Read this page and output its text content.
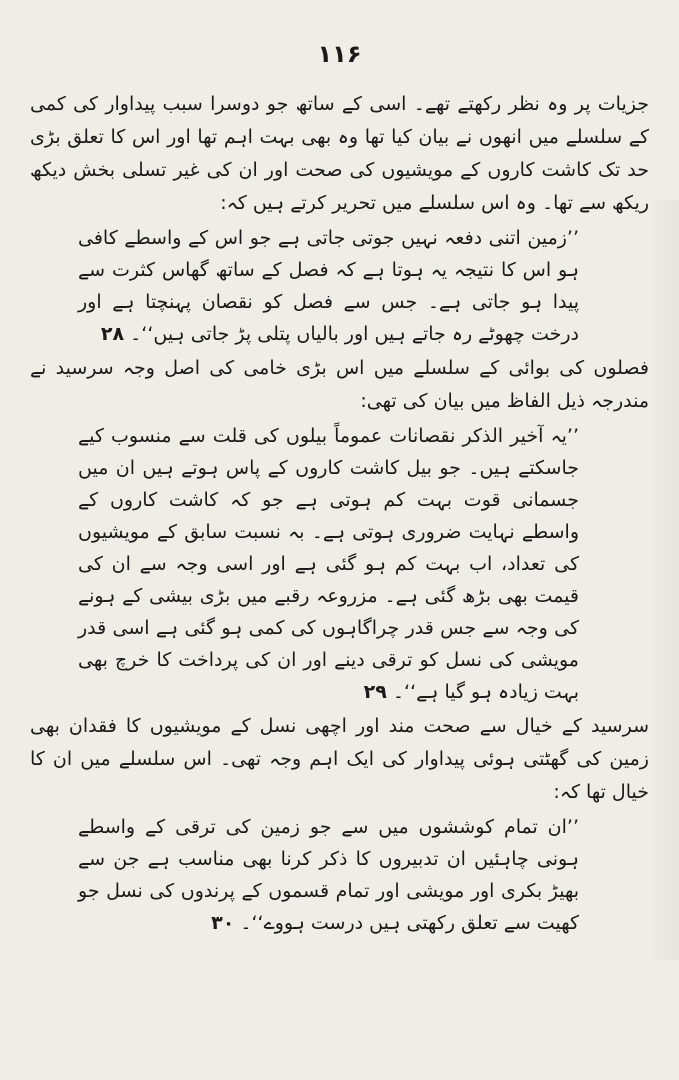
۱۱۶

جزیات پر وہ نظر رکھتے تھے۔ اسی کے ساتھ جو دوسرا سبب پیداوار کی کمی کے سلسلے میں انھوں نے بیان کیا تھا وہ بھی بہت اہم تھا اور اس کا تعلق بڑی حد تک کاشت کاروں کے مویشیوں کی صحت اور ان کی غیر تسلی بخش دیکھ ریکھ سے تھا۔ وہ اس سلسلے میں تحریر کرتے ہیں کہ:

’’زمین اتنی دفعہ نہیں جوتی جاتی ہے جو اس کے واسطے کافی ہو اس کا نتیجہ یہ ہوتا ہے کہ فصل کے ساتھ گھاس کثرت سے پیدا ہو جاتی ہے۔ جس سے فصل کو نقصان پہنچتا ہے اور درخت چھوٹے رہ جاتے ہیں اور بالیاں پتلی پڑ جاتی ہیں‘‘۔ ۲۸

فصلوں کی بوائی کے سلسلے میں اس بڑی خامی کی اصل وجہ سرسید نے مندرجہ ذیل الفاظ میں بیان کی تھی:

’’یہ آخیر الذکر نقصانات عموماً بیلوں کی قلت سے منسوب کیے جاسکتے ہیں۔ جو بیل کاشت کاروں کے پاس ہوتے ہیں ان میں جسمانی قوت بہت کم ہوتی ہے جو کہ کاشت کاروں کے واسطے نہایت ضروری ہوتی ہے۔ بہ نسبت سابق کے مویشیوں کی تعداد، اب بہت کم ہو گئی ہے اور اسی وجہ سے ان کی قیمت بھی بڑھ گئی ہے۔ مزروعہ رقبے میں بڑی بیشی کے ہونے کی وجہ سے جس قدر چراگاہوں کی کمی ہو گئی ہے اسی قدر مویشی کی نسل کو ترقی دینے اور ان کی پرداخت کا خرچ بھی بہت زیادہ ہو گیا ہے‘‘۔ ۲۹

سرسید کے خیال سے صحت مند اور اچھی نسل کے مویشیوں کا فقدان بھی زمین کی گھٹتی ہوئی پیداوار کی ایک اہم وجہ تھی۔ اس سلسلے میں ان کا خیال تھا کہ:

’’ان تمام کوششوں میں سے جو زمین کی ترقی کے واسطے ہونی چاہئیں ان تدبیروں کا ذکر کرنا بھی مناسب ہے جن سے بھیڑ بکری اور مویشی اور تمام قسموں کے پرندوں کی نسل جو کھیت سے تعلق رکھتی ہیں درست ہووے‘‘۔ ۳۰
